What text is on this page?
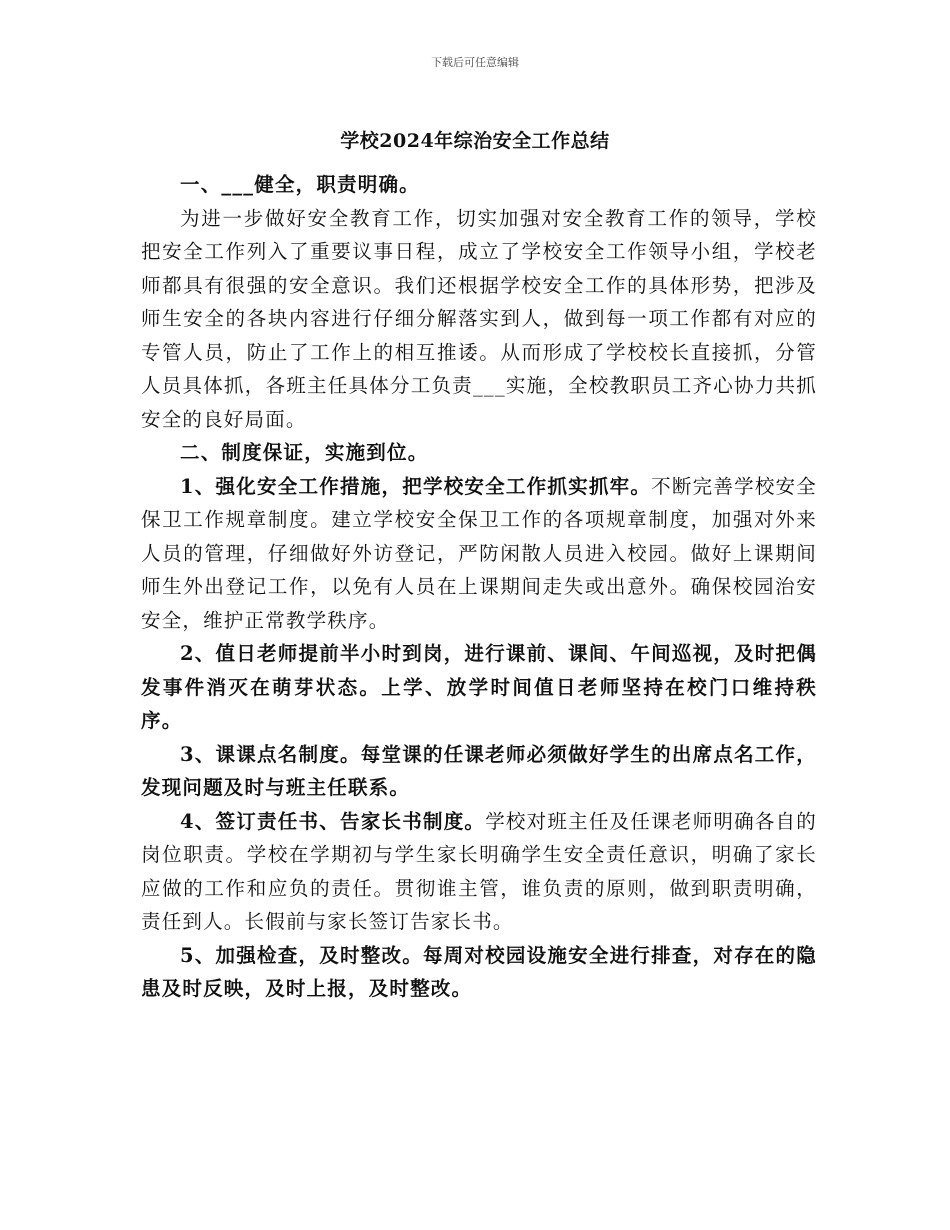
下载后可任意编辑
学校2024年综治安全工作总结

一、___健全，职责明确。

为进一步做好安全教育工作，切实加强对安全教育工作的领导，学校把安全工作列入了重要议事日程，成立了学校安全工作领导小组，学校老师都具有很强的安全意识。我们还根据学校安全工作的具体形势，把涉及师生安全的各块内容进行仔细分解落实到人，做到每一项工作都有对应的专管人员，防止了工作上的相互推诿。从而形成了学校校长直接抓，分管人员具体抓，各班主任具体分工负责___实施，全校教职员工齐心协力共抓安全的良好局面。

二、制度保证，实施到位。

1、强化安全工作措施，把学校安全工作抓实抓牢。不断完善学校安全保卫工作规章制度。建立学校安全保卫工作的各项规章制度，加强对外来人员的管理，仔细做好外访登记，严防闲散人员进入校园。做好上课期间师生外出登记工作，以免有人员在上课期间走失或出意外。确保校园治安安全，维护正常教学秩序。

2、值日老师提前半小时到岗，进行课前、课间、午间巡视，及时把偶发事件消灭在萌芽状态。上学、放学时间值日老师坚持在校门口维持秩序。

3、课课点名制度。每堂课的任课老师必须做好学生的出席点名工作，发现问题及时与班主任联系。

4、签订责任书、告家长书制度。学校对班主任及任课老师明确各自的岗位职责。学校在学期初与学生家长明确学生安全责任意识，明确了家长应做的工作和应负的责任。贯彻谁主管，谁负责的原则，做到职责明确，责任到人。长假前与家长签订告家长书。

5、加强检查，及时整改。每周对校园设施安全进行排查，对存在的隐患及时反映，及时上报，及时整改。
